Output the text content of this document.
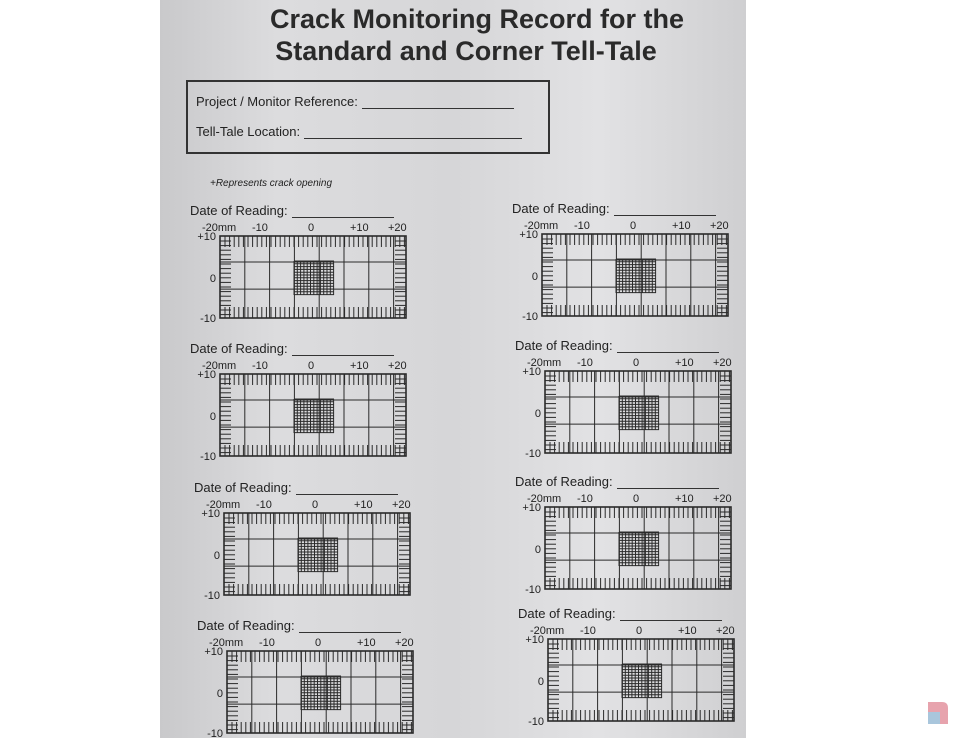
Crack Monitoring Record for the
Standard and Corner Tell-Tale
Project / Monitor Reference:
Tell-Tale Location:
+Represents crack opening
Date of Reading:
-20mm -10	0	+10 +20
+10
0
-10
Date of Reading:
-20mm -10	0	+10 +20
+10
0
-10
Date of Reading:
-20mm -10	0	+10 +20
+10
0
-10
Date of Reading:
-20mm -10	0	+10 +20
+10
0
-10
Date of Reading:
-20mm -10	0	+10 +20
+10
0
-10
Date of Reading:
-20mm -10	0	+10 +20
+10
0
-10
Date of Reading:
-20mm -10	0	+10 +20
+10
0
-10
Date of Reading:
-20mm -10	0	+10 +20
+10
0
-10
